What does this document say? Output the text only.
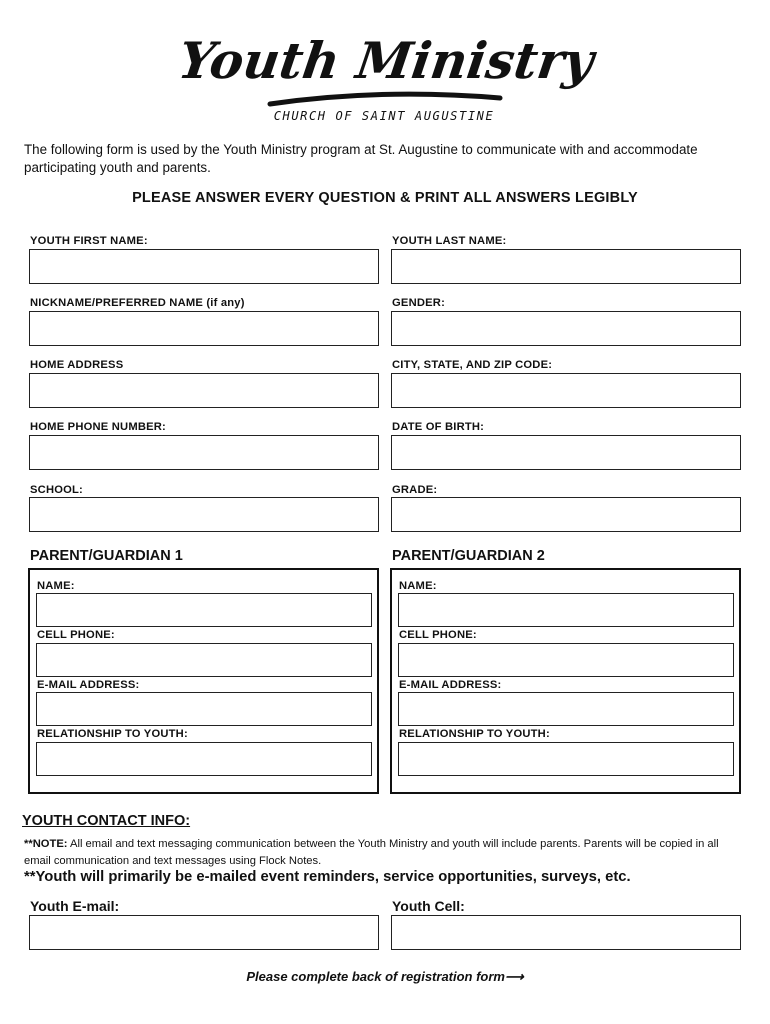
Youth Ministry
CHURCH OF SAINT AUGUSTINE
The following form is used by the Youth Ministry program at St. Augustine to communicate with and accommodate participating youth and parents.
PLEASE ANSWER EVERY QUESTION & PRINT ALL ANSWERS LEGIBLY
YOUTH FIRST NAME:	YOUTH LAST NAME:
NICKNAME/PREFERRED NAME (if any)	GENDER:
HOME ADDRESS	CITY, STATE, AND ZIP CODE:
HOME PHONE NUMBER:	DATE OF BIRTH:
SCHOOL:	GRADE:
PARENT/GUARDIAN 1
NAME:
CELL PHONE:
E-MAIL ADDRESS:
RELATIONSHIP TO YOUTH:
PARENT/GUARDIAN 2
NAME:
CELL PHONE:
E-MAIL ADDRESS:
RELATIONSHIP TO YOUTH:
YOUTH CONTACT INFO:
**NOTE: All email and text messaging communication between the Youth Ministry and youth will include parents. Parents will be copied in all email communication and text messages using Flock Notes.
**Youth will primarily be e-mailed event reminders, service opportunities, surveys, etc.
Youth E-mail:	Youth Cell:
Please complete back of registration form⟶
